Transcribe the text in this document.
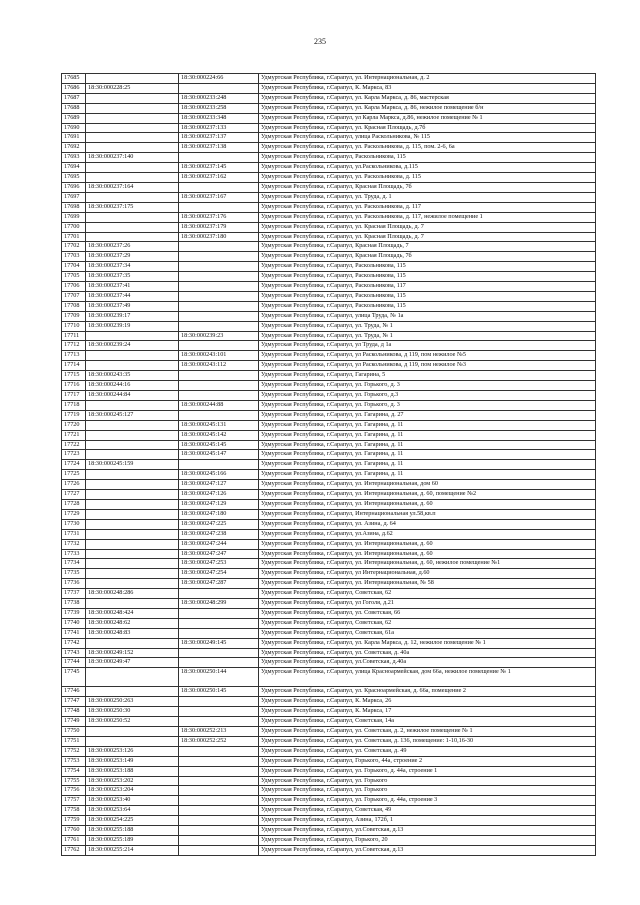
235
17685		18:30:000224:66	Удмуртская Республика, г.Сарапул, ул. Интернациональная, д. 2
17686	18:30:000228:25		Удмуртская Республика, г.Сарапул, К. Маркса, 83
17687		18:30:000233:248	Удмуртская Республика, г.Сарапул, ул. Карла Маркса, д. 86, мастерская
17688		18:30:000233:258	Удмуртская Республика, г.Сарапул, ул. Карла Маркса, д. 86, нежилое помещение б/н
17689		18:30:000233:348	Удмуртская Республика, г.Сарапул, ул Карла Маркса, д.86, нежилое помещение № 1
17690		18:30:000237:133	Удмуртская Республика, г.Сарапул, ул. Красная Площадь, д.7б
17691		18:30:000237:137	Удмуртская Республика, г.Сарапул, улица Раскольникова, № 115
17692		18:30:000237:138	Удмуртская Республика, г.Сарапул, ул. Раскольникова, д. 115, пом. 2-6, 6а
17693	18:30:000237:140		Удмуртская Республика, г.Сарапул, Раскольникова, 115
17694		18:30:000237:145	Удмуртская Республика, г.Сарапул, ул.Раскольникова, д.115
17695		18:30:000237:162	Удмуртская Республика, г.Сарапул, ул. Раскольникова, д. 115
17696	18:30:000237:164		Удмуртская Республика, г.Сарапул, Красная Площадь, 7б
17697		18:30:000237:167	Удмуртская Республика, г.Сарапул, ул. Труда, д. 1
17698	18:30:000237:175		Удмуртская Республика, г.Сарапул, ул. Раскольникова, д. 117
17699		18:30:000237:176	Удмуртская Республика, г.Сарапул, ул. Раскольникова, д. 117, нежилое помещение 1
17700		18:30:000237:179	Удмуртская Республика, г.Сарапул, ул. Красная Площадь, д. 7
17701		18:30:000237:180	Удмуртская Республика, г.Сарапул, ул. Красная Площадь, д. 7
17702	18:30:000237:26		Удмуртская Республика, г.Сарапул, Красная Площадь, 7
17703	18:30:000237:29		Удмуртская Республика, г.Сарапул, Красная Площадь, 7б
17704	18:30:000237:34		Удмуртская Республика, г.Сарапул, Раскольникова, 115
17705	18:30:000237:35		Удмуртская Республика, г.Сарапул, Раскольникова, 115
17706	18:30:000237:41		Удмуртская Республика, г.Сарапул, Раскольникова, 117
17707	18:30:000237:44		Удмуртская Республика, г.Сарапул, Раскольникова, 115
17708	18:30:000237:49		Удмуртская Республика, г.Сарапул, Раскольникова, 115
17709	18:30:000239:17		Удмуртская Республика, г.Сарапул, улица Труда, № 1а
17710	18:30:000239:19		Удмуртская Республика, г.Сарапул, ул. Труда, № 1
17711		18:30:000239:23	Удмуртская Республика, г.Сарапул, ул. Труда, № 1
17712	18:30:000239:24		Удмуртская Республика, г.Сарапул, ул Труда, д 1а
17713		18:30:000243:101	Удмуртская Республика, г.Сарапул, ул Раскольникова, д 119, пом нежилое №5
17714		18:30:000243:112	Удмуртская Республика, г.Сарапул, ул Раскольникова, д 119, пом нежилое №3
17715	18:30:000243:35		Удмуртская Республика, г.Сарапул, Гагарина, 5
17716	18:30:000244:16		Удмуртская Республика, г.Сарапул, ул. Горького, д. 3
17717	18:30:000244:84		Удмуртская Республика, г.Сарапул, ул. Горького, д.3
17718		18:30:000244:88	Удмуртская Республика, г.Сарапул, ул. Горького, д. 3
17719	18:30:000245:127		Удмуртская Республика, г.Сарапул, ул. Гагарина, д. 27
17720		18:30:000245:131	Удмуртская Республика, г.Сарапул, ул. Гагарина, д. 11
17721		18:30:000245:142	Удмуртская Республика, г.Сарапул, ул. Гагарина, д. 11
17722		18:30:000245:145	Удмуртская Республика, г.Сарапул, ул. Гагарина, д. 11
17723		18:30:000245:147	Удмуртская Республика, г.Сарапул, ул. Гагарина, д. 11
17724	18:30:000245:159		Удмуртская Республика, г.Сарапул, ул. Гагарина, д. 11
17725		18:30:000245:166	Удмуртская Республика, г.Сарапул, ул. Гагарина, д. 11
17726		18:30:000247:127	Удмуртская Республика, г.Сарапул, ул. Интернациональная, дом 60
17727		18:30:000247:126	Удмуртская Республика, г.Сарапул, ул. Интернациональная, д. 60, помещение №2
17728		18:30:000247:129	Удмуртская Республика, г.Сарапул, ул. Интернациональная, д. 60
17729		18:30:000247:180	Удмуртская Республика, г.Сарапул, Интернациональная ул.58,кв.п
17730		18:30:000247:225	Удмуртская Республика, г.Сарапул, ул. Азина, д. 64
17731		18:30:000247:238	Удмуртская Республика, г.Сарапул, ул.Азина, д.62
17732		18:30:000247:244	Удмуртская Республика, г.Сарапул, ул. Интернациональная, д. 60
17733		18:30:000247:247	Удмуртская Республика, г.Сарапул, ул. Интернациональная, д. 60
17734		18:30:000247:253	Удмуртская Республика, г.Сарапул, ул. Интернациональная, д. 60, нежилое помещение №1
17735		18:30:000247:254	Удмуртская Республика, г.Сарапул, ул Интернациональная, д.60
17736		18:30:000247:287	Удмуртская Республика, г.Сарапул, ул. Интернациональная, № 58
17737	18:30:000248:286		Удмуртская Республика, г.Сарапул, Советская, 62
17738		18:30:000248:299	Удмуртская Республика, г.Сарапул, ул Гоголя, д.21
17739	18:30:000248:424		Удмуртская Республика, г.Сарапул, ул. Советская, 66
17740	18:30:000248:62		Удмуртская Республика, г.Сарапул, Советская, 62
17741	18:30:000248:83		Удмуртская Республика, г.Сарапул, Советская, 61а
17742		18:30:000249:145	Удмуртская Республика, г.Сарапул, ул. Карла Маркса, д. 12, нежилое помещение № 1
17743	18:30:000249:152		Удмуртская Республика, г.Сарапул, ул. Советская, д. 40а
17744	18:30:000249:47		Удмуртская Республика, г.Сарапул, ул.Советская, д.40а
17745		18:30:000250:144	Удмуртская Республика, г.Сарапул, улица Красноармейская, дом 66а, нежилое помещение № 1
17746		18:30:000250:145	Удмуртская Республика, г.Сарапул, ул. Красноармейская, д. 66а, помещение 2
17747	18:30:000250:263		Удмуртская Республика, г.Сарапул, К. Маркса, 26
17748	18:30:000250:30		Удмуртская Республика, г.Сарапул, К. Маркса, 17
17749	18:30:000250:52		Удмуртская Республика, г.Сарапул, Советская, 14а
17750		18:30:000252:213	Удмуртская Республика, г.Сарапул, ул. Советская, д. 2, нежилое помещение № 1
17751		18:30:000252:252	Удмуртская Республика, г.Сарапул, ул. Советская, д. 136, помещение: 1-10,16-30
17752	18:30:000253:126		Удмуртская Республика, г.Сарапул, ул. Советская, д. 49
17753	18:30:000253:149		Удмуртская Республика, г.Сарапул, Горького, 44а, строение 2
17754	18:30:000253:188		Удмуртская Республика, г.Сарапул, ул. Горького, д. 44а, строение 1
17755	18:30:000253:202		Удмуртская Республика, г.Сарапул, ул. Горького
17756	18:30:000253:204		Удмуртская Республика, г.Сарапул, ул. Горького
17757	18:30:000253:40		Удмуртская Республика, г.Сарапул, ул. Горького, д. 44а, строение 3
17758	18:30:000253:64		Удмуртская Республика, г.Сарапул, Советская, 49
17759	18:30:000254:225		Удмуртская Республика, г.Сарапул, Азина, 172б, 1
17760	18:30:000255:188		Удмуртская Республика, г.Сарапул, ул.Советская, д.13
17761	18:30:000255:189		Удмуртская Республика, г.Сарапул, Горького, 20
17762	18:30:000255:214		Удмуртская Республика, г.Сарапул, ул.Советская, д.13
